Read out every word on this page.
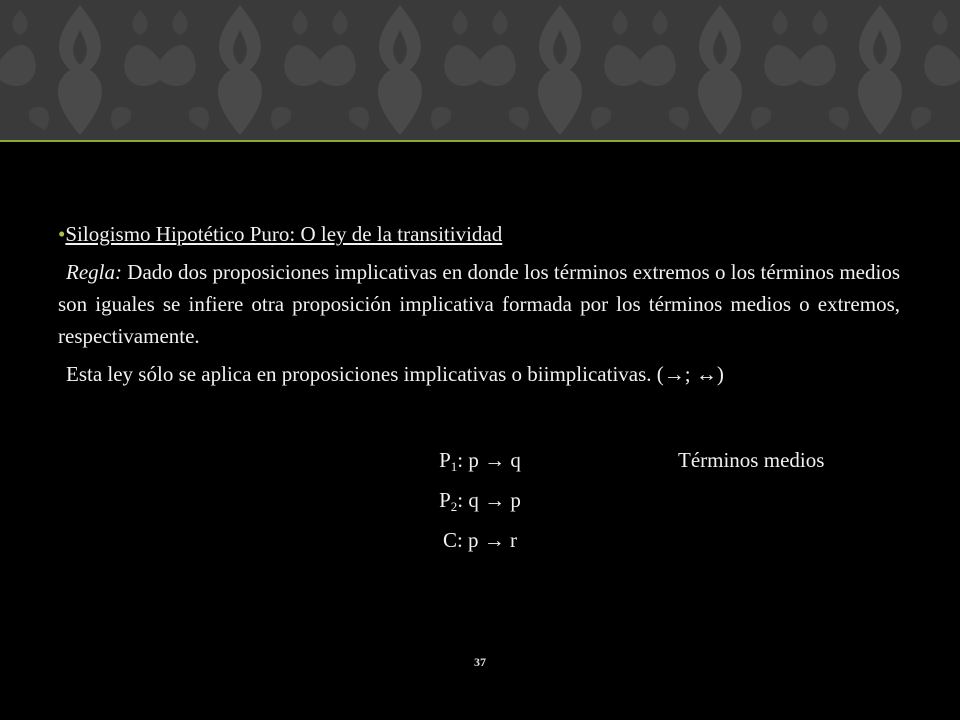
•Silogismo Hipotético Puro: O ley de la transitividad

Regla: Dado dos proposiciones implicativas en donde los términos extremos o los términos medios son iguales se infiere otra proposición implicativa formada por los términos medios o extremos, respectivamente.

Esta ley sólo se aplica en proposiciones implicativas o biimplicativas. (→; ↔)

$P_1$: p → q
$P_2$: q → p
C: p → r
Términos medios
37
